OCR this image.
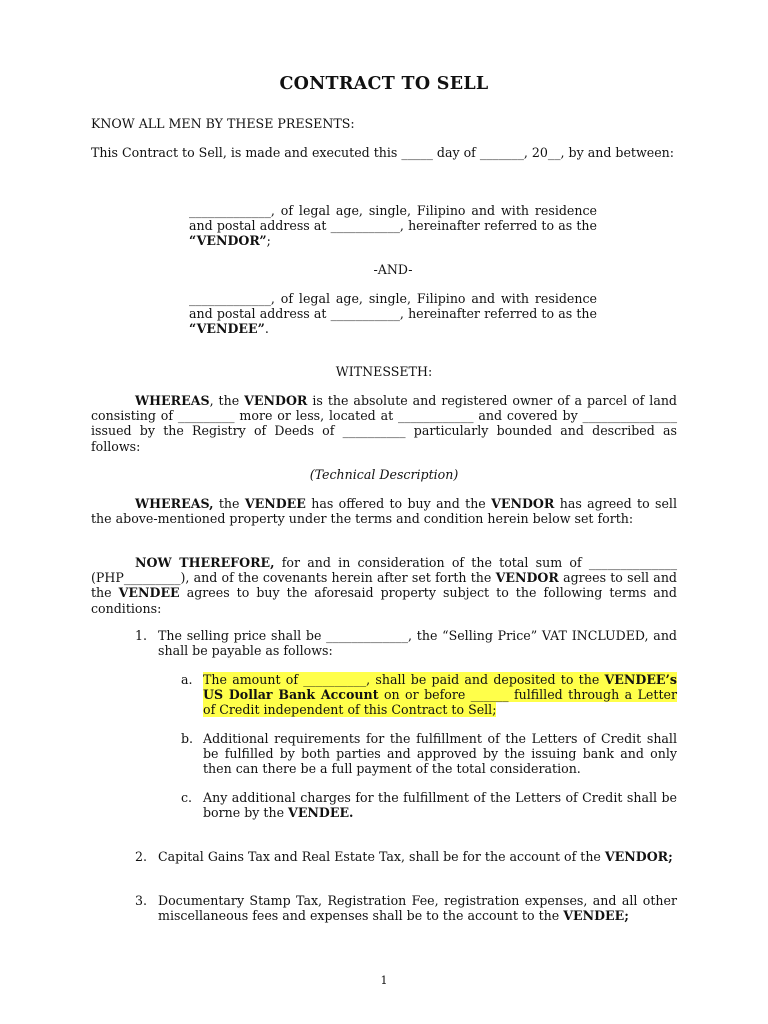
CONTRACT TO SELL

KNOW ALL MEN BY THESE PRESENTS:

This Contract to Sell, is made and executed this _____ day of _______, 20__, by and between:

_____________, of legal age, single, Filipino and with residence and postal address at ___________, hereinafter referred to as the “VENDOR”;

-AND-

_____________, of legal age, single, Filipino and with residence and postal address at ___________, hereinafter referred to as the “VENDEE”.

WITNESSETH:

WHEREAS, the VENDOR is the absolute and registered owner of a parcel of land consisting of _________ more or less, located at ____________ and covered by _______________ issued by the Registry of Deeds of __________ particularly bounded and described as follows:

(Technical Description)

WHEREAS, the VENDEE has offered to buy and the VENDOR has agreed to sell the above-mentioned property under the terms and condition herein below set forth:

NOW THEREFORE, for and in consideration of the total sum of ______________ (PHP_________), and of the covenants herein after set forth the VENDOR agrees to sell and the VENDEE agrees to buy the aforesaid property subject to the following terms and conditions:

1. The selling price shall be _____________, the “Selling Price” VAT INCLUDED, and shall be payable as follows:

a. The amount of __________, shall be paid and deposited to the VENDEE’s US Dollar Bank Account on or before ______ fulfilled through a Letter of Credit independent of this Contract to Sell;

b. Additional requirements for the fulfillment of the Letters of Credit shall be fulfilled by both parties and approved by the issuing bank and only then can there be a full payment of the total consideration.

c. Any additional charges for the fulfillment of the Letters of Credit shall be borne by the VENDEE.

2. Capital Gains Tax and Real Estate Tax, shall be for the account of the VENDOR;

3. Documentary Stamp Tax, Registration Fee, registration expenses, and all other miscellaneous fees and expenses shall be to the account to the VENDEE;

1
